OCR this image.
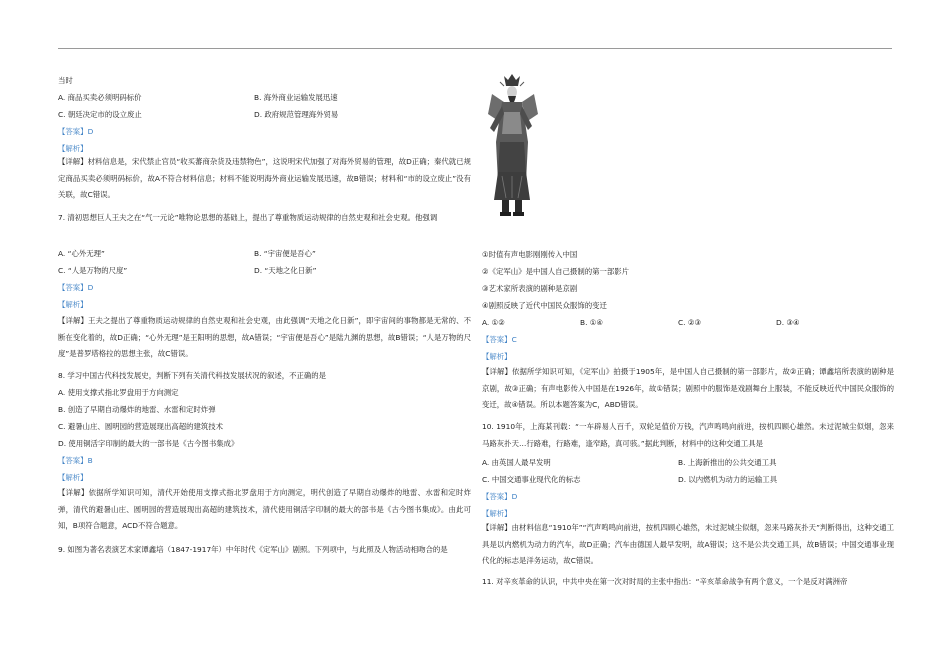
当时
A. 商品买卖必须明码标价	B. 海外商业运输发展迅速
C. 朝廷决定市的设立废止	D. 政府规范管理海外贸易
【答案】D
【解析】
【详解】材料信息是，宋代禁止官员“收买蕃商杂货及违禁物色”，这说明宋代加强了对海外贸易的管理，故D正确；秦代就已规定商品买卖必须明码标价，故A不符合材料信息；材料不能说明海外商业运输发展迅速，故B错误；材料和“市的设立废止”没有关联，故C错误。
7. 清初思想巨人王夫之在“气一元论”唯物论思想的基础上，提出了尊重物质运动规律的自然史观和社会史观。他强调
A. “心外无理”	B. “宇宙便是吾心”
C. “人是万物的尺度”	D. “天地之化日新”
【答案】D
【解析】
【详解】王夫之提出了尊重物质运动规律的自然史观和社会史观，由此强调“天地之化日新”，即宇宙间的事物都是无常的、不断在变化着的，故D正确；“心外无理”是王阳明的思想，故A错误；“宇宙便是吾心”是陆九渊的思想，故B错误；“人是万物的尺度”是普罗塔格拉的思想主张，故C错误。
8. 学习中国古代科技发展史，判断下列有关清代科技发展状况的叙述，不正确的是
A. 使用支撑式指北罗盘用于方向测定
B. 创造了早期自动爆炸的地雷、水雷和定时炸弹
C. 避暑山庄、圆明园的营造展现出高超的建筑技术
D. 使用铜活字印制的最大的一部书是《古今图书集成》
【答案】B
【解析】
【详解】依据所学知识可知，清代开始使用支撑式指北罗盘用于方向测定，明代创造了早期自动爆炸的地雷、水雷和定时炸弹，清代的避暑山庄、圆明园的营造展现出高超的建筑技术，清代使用铜活字印制的最大的部书是《古今图书集成》。由此可知，B项符合题意，ACD不符合题意。
9. 如图为著名表演艺术家谭鑫培（1847-1917年）中年时代《定军山》剧照。下列项中，与此照及人物活动相吻合的是
①时值有声电影刚刚传入中国
②《定军山》是中国人自己摄制的第一部影片
③艺术家所表演的剧种是京剧
④剧照反映了近代中国民众服饰的变迁
A. ①②	B. ①④	C. ②③	D. ③④
【答案】C
【解析】
【详解】依据所学知识可知，《定军山》拍摄于1905年，是中国人自己摄制的第一部影片，故②正确；谭鑫培所表演的剧种是京剧，故③正确；有声电影传入中国是在1926年，故①错误；剧照中的服饰是戏剧舞台上服装，不能反映近代中国民众服饰的变迁，故④错误。所以本题答案为C，ABD错误。
10. 1910年，上海某刊载：“一车辟易人百千，双轮足值价万钱，汽声鸣鸣向前进，按机四顾心雄然。未过泥城尘似烟，忽来马路灰扑天…行路难，行路难，逢窄路，真可骇。”据此判断，材料中的这种交通工具是
A. 由英国人最早发明	B. 上海新推出的公共交通工具
C. 中国交通事业现代化的标志	D. 以内燃机为动力的运输工具
【答案】D
【解析】
【详解】由材料信息“1910年”“汽声鸣鸣向前进，按机四顾心雄然，未过泥城尘似烟，忽来马路灰扑天”判断得出，这种交通工具是以内燃机为动力的汽车，故D正确；汽车由德国人最早发明，故A错误；这不是公共交通工具，故B错误；中国交通事业现代化的标志是洋务运动，故C错误。
11. 对辛亥革命的认识，中共中央在第一次对时局的主张中指出：“辛亥革命战争有两个意义，一个是反对满洲帝
